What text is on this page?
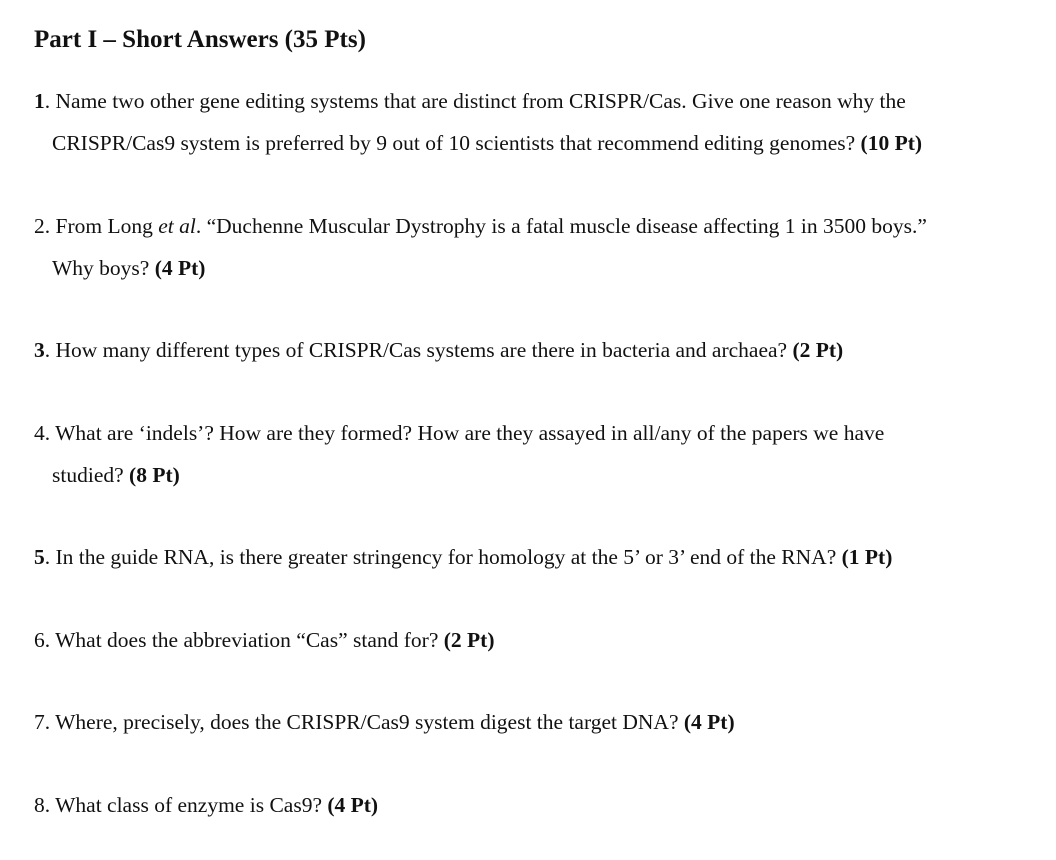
Part I – Short Answers (35 Pts)
1. Name two other gene editing systems that are distinct from CRISPR/Cas. Give one reason why the
CRISPR/Cas9 system is preferred by 9 out of 10 scientists that recommend editing genomes? (10 Pt)
2. From Long et al. “Duchenne Muscular Dystrophy is a fatal muscle disease affecting 1 in 3500 boys.”
Why boys? (4 Pt)
3. How many different types of CRISPR/Cas systems are there in bacteria and archaea? (2 Pt)
4. What are ‘indels’? How are they formed? How are they assayed in all/any of the papers we have
studied? (8 Pt)
5. In the guide RNA, is there greater stringency for homology at the 5’ or 3’ end of the RNA? (1 Pt)
6. What does the abbreviation “Cas” stand for? (2 Pt)
7. Where, precisely, does the CRISPR/Cas9 system digest the target DNA? (4 Pt)
8. What class of enzyme is Cas9? (4 Pt)
